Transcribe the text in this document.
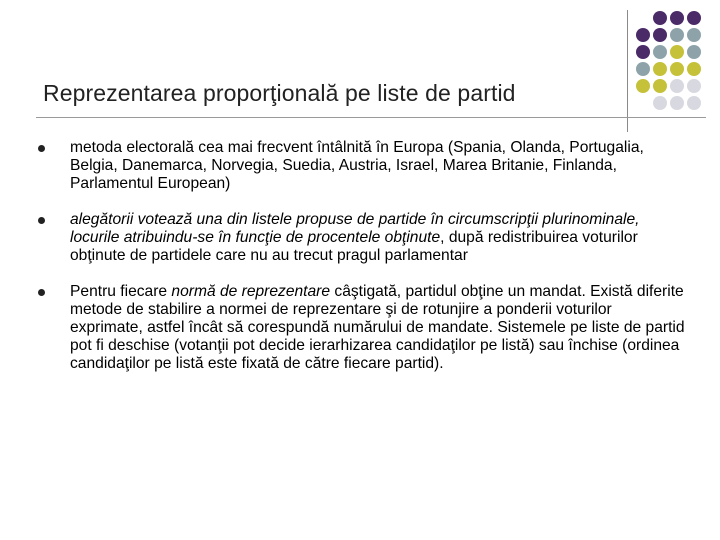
Reprezentarea proporţională pe liste de partid
metoda electorală cea mai frecvent întâlnită în Europa (Spania, Olanda, Portugalia, Belgia, Danemarca, Norvegia, Suedia, Austria, Israel, Marea Britanie, Finlanda, Parlamentul European)
alegătorii votează una din listele propuse de partide în circumscripţii plurinominale, locurile atribuindu-se în funcţie de procentele obţinute, după redistribuirea voturilor obţinute de partidele care nu au trecut pragul parlamentar
Pentru fiecare normă de reprezentare câştigată, partidul obţine un mandat. Există diferite metode de stabilire a normei de reprezentare şi de rotunjire a ponderii voturilor exprimate, astfel încât să corespundă numărului de mandate. Sistemele pe liste de partid pot fi deschise (votanţii pot decide ierarhizarea candidaţilor pe listă) sau închise (ordinea candidaţilor pe listă este fixată de către fiecare partid).
